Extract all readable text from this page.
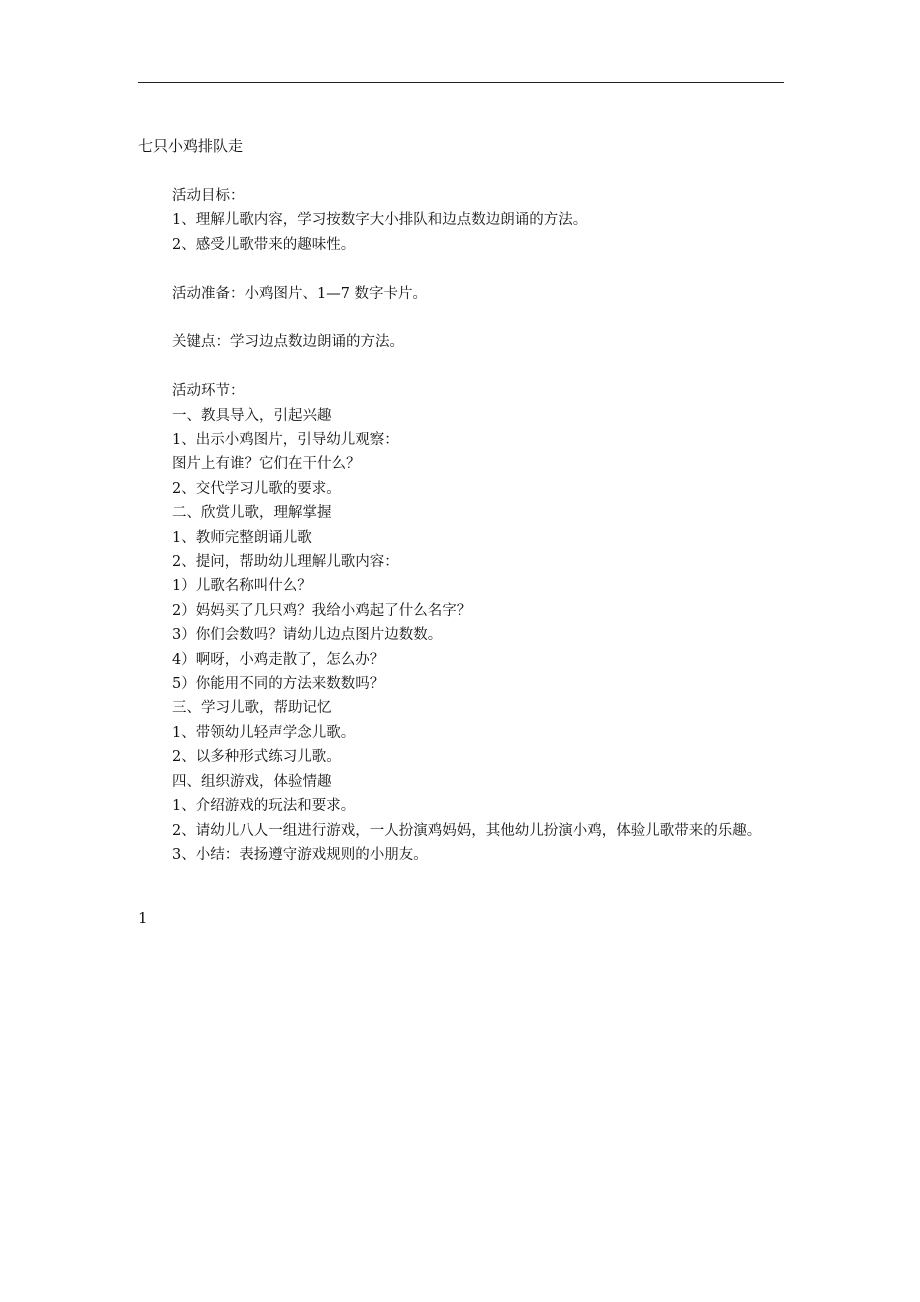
七只小鸡排队走

活动目标：

1、理解儿歌内容，学习按数字大小排队和边点数边朗诵的方法。

2、感受儿歌带来的趣味性。

活动准备：小鸡图片、1—7 数字卡片。

关键点：学习边点数边朗诵的方法。

活动环节：

一、教具导入，引起兴趣

1、出示小鸡图片，引导幼儿观察：

图片上有谁？它们在干什么？

2、交代学习儿歌的要求。

二、欣赏儿歌，理解掌握

1、教师完整朗诵儿歌

2、提问，帮助幼儿理解儿歌内容：

1）儿歌名称叫什么？

2）妈妈买了几只鸡？我给小鸡起了什么名字？

3）你们会数吗？请幼儿边点图片边数数。

4）啊呀，小鸡走散了，怎么办？

5）你能用不同的方法来数数吗？

三、学习儿歌，帮助记忆

1、带领幼儿轻声学念儿歌。

2、以多种形式练习儿歌。

四、组织游戏，体验情趣

1、介绍游戏的玩法和要求。

2、请幼儿八人一组进行游戏，一人扮演鸡妈妈，其他幼儿扮演小鸡，体验儿歌带来的乐趣。

3、小结：表扬遵守游戏规则的小朋友。

1
